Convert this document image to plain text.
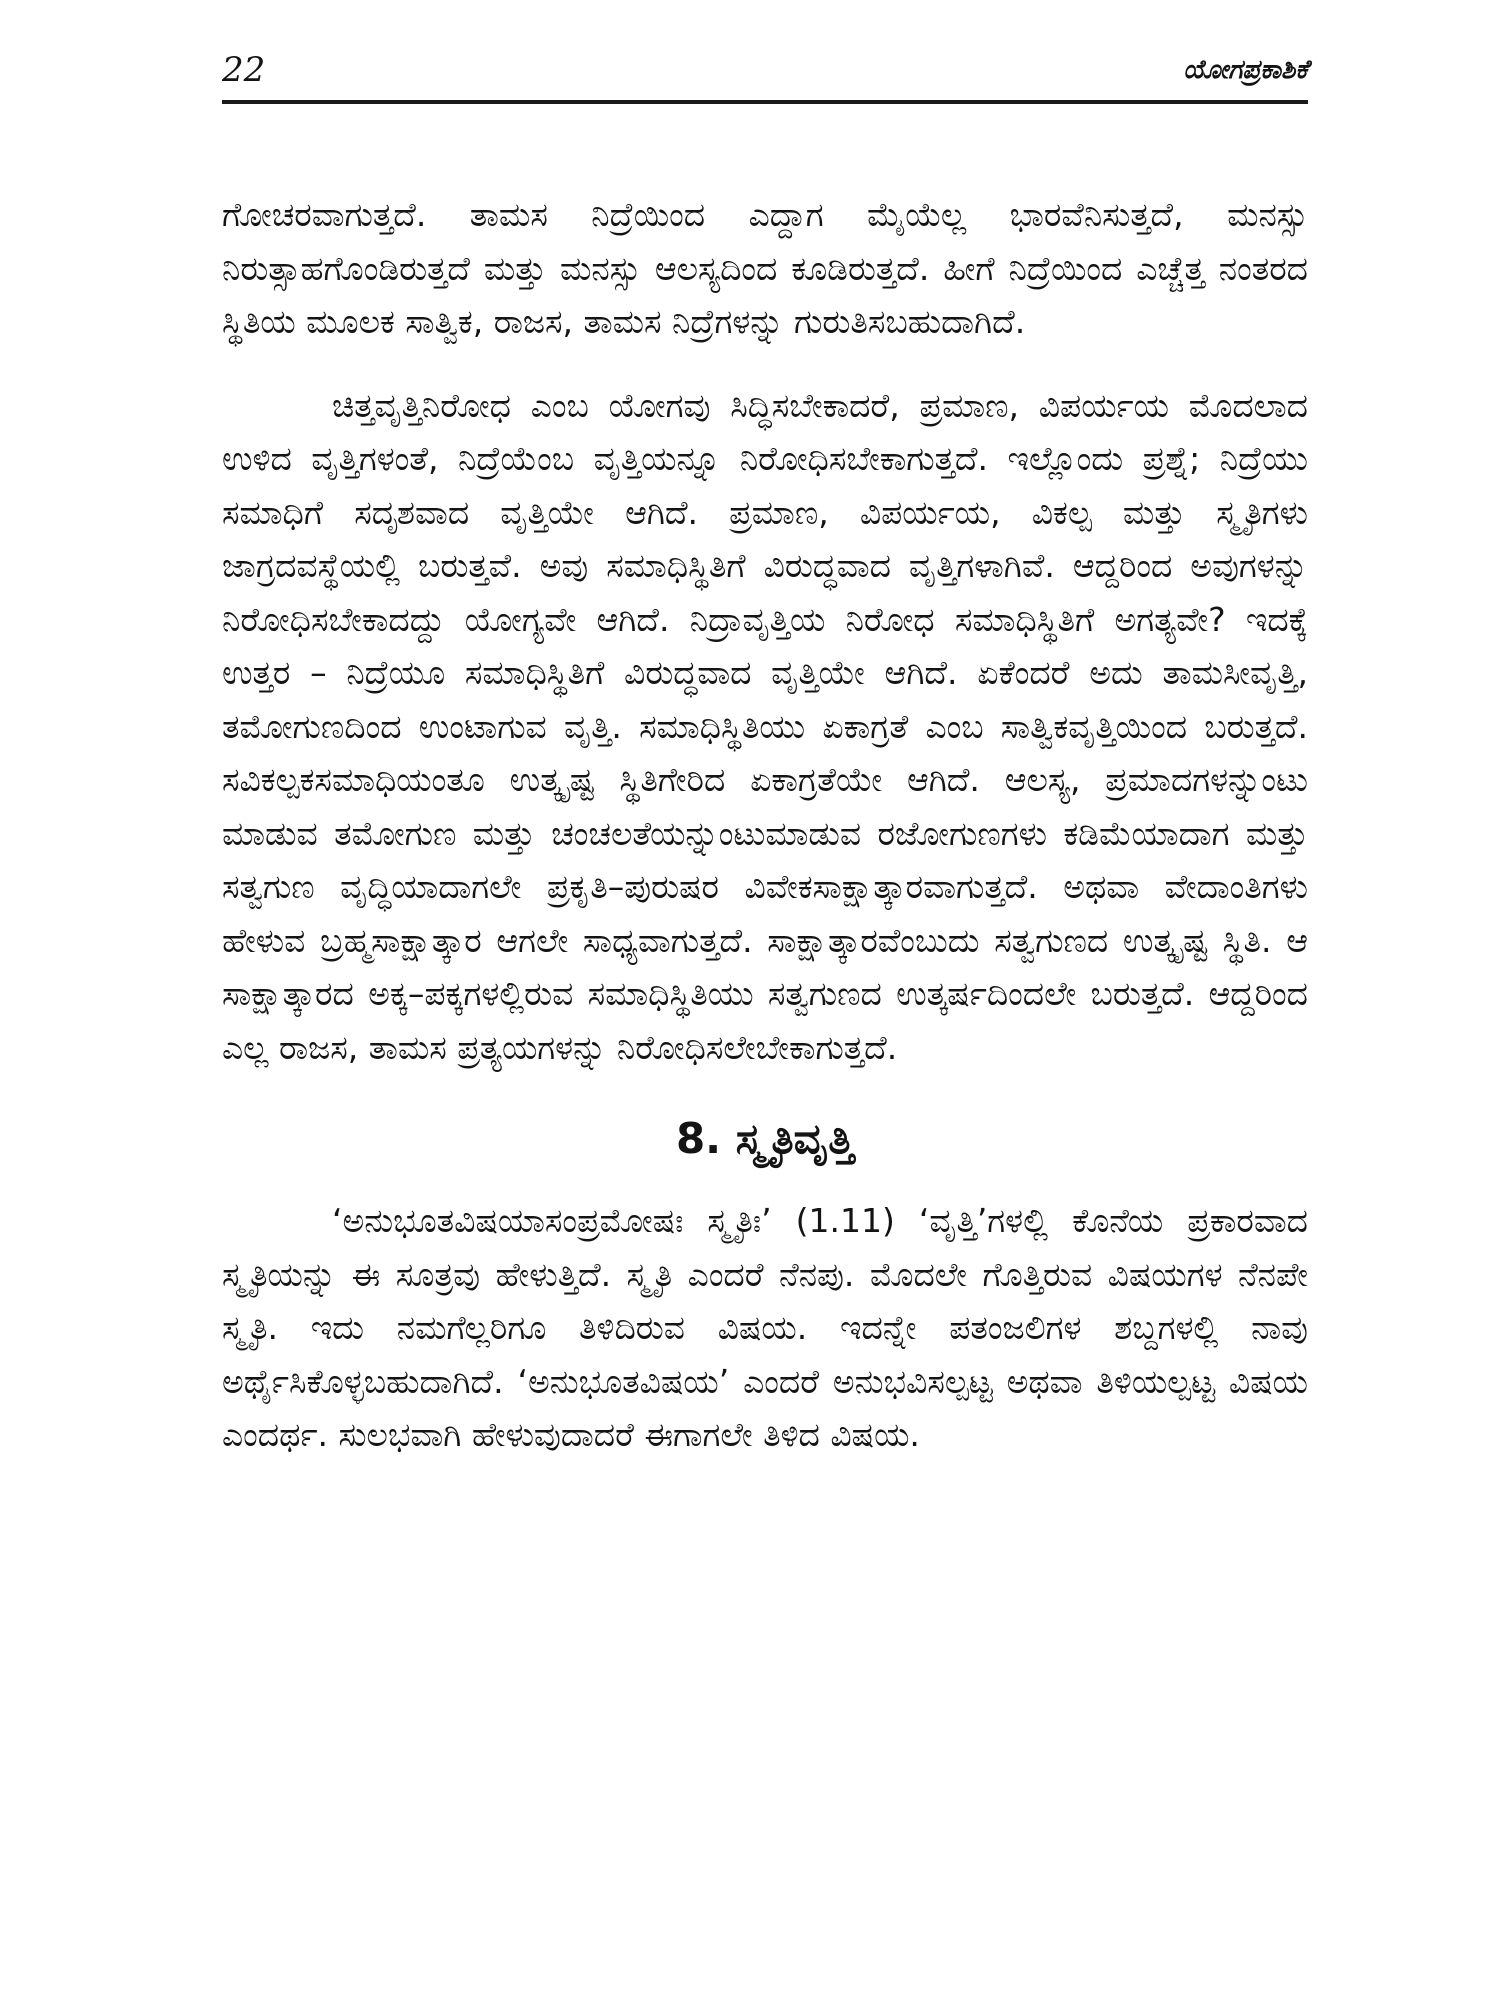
22	ಯೋಗಪ್ರಕಾಶಿಕೆ

ಗೋಚರವಾಗುತ್ತದೆ. ತಾಮಸ ನಿದ್ರೆಯಿಂದ ಎದ್ದಾಗ ಮೈಯೆಲ್ಲ ಭಾರವೆನಿಸುತ್ತದೆ, ಮನಸ್ಸು ನಿರುತ್ಸಾಹಗೊಂಡಿರುತ್ತದೆ ಮತ್ತು ಮನಸ್ಸು ಆಲಸ್ಯದಿಂದ ಕೂಡಿರುತ್ತದೆ. ಹೀಗೆ ನಿದ್ರೆಯಿಂದ ಎಚ್ಚೆತ್ತ ನಂತರದ ಸ್ಥಿತಿಯ ಮೂಲಕ ಸಾತ್ವಿಕ, ರಾಜಸ, ತಾಮಸ ನಿದ್ರೆಗಳನ್ನು ಗುರುತಿಸಬಹುದಾಗಿದೆ.

ಚಿತ್ತವೃತ್ತಿನಿರೋಧ ಎಂಬ ಯೋಗವು ಸಿದ್ಧಿಸಬೇಕಾದರೆ, ಪ್ರಮಾಣ, ವಿಪರ್ಯಯ ಮೊದಲಾದ ಉಳಿದ ವೃತ್ತಿಗಳಂತೆ, ನಿದ್ರೆಯೆಂಬ ವೃತ್ತಿಯನ್ನೂ ನಿರೋಧಿಸಬೇಕಾಗುತ್ತದೆ. ಇಲ್ಲೊಂದು ಪ್ರಶ್ನೆ; ನಿದ್ರೆಯು ಸಮಾಧಿಗೆ ಸದೃಶವಾದ ವೃತ್ತಿಯೇ ಆಗಿದೆ. ಪ್ರಮಾಣ, ವಿಪರ್ಯಯ, ವಿಕಲ್ಪ ಮತ್ತು ಸ್ಮೃತಿಗಳು ಜಾಗ್ರದವಸ್ಥೆಯಲ್ಲಿ ಬರುತ್ತವೆ. ಅವು ಸಮಾಧಿಸ್ಥಿತಿಗೆ ವಿರುದ್ಧವಾದ ವೃತ್ತಿಗಳಾಗಿವೆ. ಆದ್ದರಿಂದ ಅವುಗಳನ್ನು ನಿರೋಧಿಸಬೇಕಾದದ್ದು ಯೋಗ್ಯವೇ ಆಗಿದೆ. ನಿದ್ರಾವೃತ್ತಿಯ ನಿರೋಧ ಸಮಾಧಿಸ್ಥಿತಿಗೆ ಅಗತ್ಯವೇ? ಇದಕ್ಕೆ ಉತ್ತರ – ನಿದ್ರೆಯೂ ಸಮಾಧಿಸ್ಥಿತಿಗೆ ವಿರುದ್ಧವಾದ ವೃತ್ತಿಯೇ ಆಗಿದೆ. ಏಕೆಂದರೆ ಅದು ತಾಮಸೀವೃತ್ತಿ, ತಮೋಗುಣದಿಂದ ಉಂಟಾಗುವ ವೃತ್ತಿ. ಸಮಾಧಿಸ್ಥಿತಿಯು ಏಕಾಗ್ರತೆ ಎಂಬ ಸಾತ್ವಿಕವೃತ್ತಿಯಿಂದ ಬರುತ್ತದೆ. ಸವಿಕಲ್ಪಕಸಮಾಧಿಯಂತೂ ಉತ್ಕೃಷ್ಟ ಸ್ಥಿತಿಗೇರಿದ ಏಕಾಗ್ರತೆಯೇ ಆಗಿದೆ. ಆಲಸ್ಯ, ಪ್ರಮಾದಗಳನ್ನುಂಟು ಮಾಡುವ ತಮೋಗುಣ ಮತ್ತು ಚಂಚಲತೆಯನ್ನುಂಟುಮಾಡುವ ರಜೋಗುಣಗಳು ಕಡಿಮೆಯಾದಾಗ ಮತ್ತು ಸತ್ವಗುಣ ವೃದ್ಧಿಯಾದಾಗಲೇ ಪ್ರಕೃತಿ–ಪುರುಷರ ವಿವೇಕಸಾಕ್ಷಾತ್ಕಾರವಾಗುತ್ತದೆ. ಅಥವಾ ವೇದಾಂತಿಗಳು ಹೇಳುವ ಬ್ರಹ್ಮಸಾಕ್ಷಾತ್ಕಾರ ಆಗಲೇ ಸಾಧ್ಯವಾಗುತ್ತದೆ. ಸಾಕ್ಷಾತ್ಕಾರವೆಂಬುದು ಸತ್ವಗುಣದ ಉತ್ಕೃಷ್ಟ ಸ್ಥಿತಿ. ಆ ಸಾಕ್ಷಾತ್ಕಾರದ ಅಕ್ಕ–ಪಕ್ಕಗಳಲ್ಲಿರುವ ಸಮಾಧಿಸ್ಥಿತಿಯು ಸತ್ವಗುಣದ ಉತ್ಕರ್ಷದಿಂದಲೇ ಬರುತ್ತದೆ. ಆದ್ದರಿಂದ ಎಲ್ಲ ರಾಜಸ, ತಾಮಸ ಪ್ರತ್ಯಯಗಳನ್ನು ನಿರೋಧಿಸಲೇಬೇಕಾಗುತ್ತದೆ.

8. ಸ್ಮೃತಿವೃತ್ತಿ

‘ಅನುಭೂತವಿಷಯಾಸಂಪ್ರಮೋಷಃ ಸ್ಮೃತಿಃ’ (1.11) ‘ವೃತ್ತಿ’ಗಳಲ್ಲಿ ಕೊನೆಯ ಪ್ರಕಾರವಾದ ಸ್ಮೃತಿಯನ್ನು ಈ ಸೂತ್ರವು ಹೇಳುತ್ತಿದೆ. ಸ್ಮೃತಿ ಎಂದರೆ ನೆನಪು. ಮೊದಲೇ ಗೊತ್ತಿರುವ ವಿಷಯಗಳ ನೆನಪೇ ಸ್ಮೃತಿ. ಇದು ನಮಗೆಲ್ಲರಿಗೂ ತಿಳಿದಿರುವ ವಿಷಯ. ಇದನ್ನೇ ಪತಂಜಲಿಗಳ ಶಬ್ದಗಳಲ್ಲಿ ನಾವು ಅರ್ಥೈಸಿಕೊಳ್ಳಬಹುದಾಗಿದೆ. ‘ಅನುಭೂತವಿಷಯ’ ಎಂದರೆ ಅನುಭವಿಸಲ್ಪಟ್ಟ ಅಥವಾ ತಿಳಿಯಲ್ಪಟ್ಟ ವಿಷಯ ಎಂದರ್ಥ. ಸುಲಭವಾಗಿ ಹೇಳುವುದಾದರೆ ಈಗಾಗಲೇ ತಿಳಿದ ವಿಷಯ.
